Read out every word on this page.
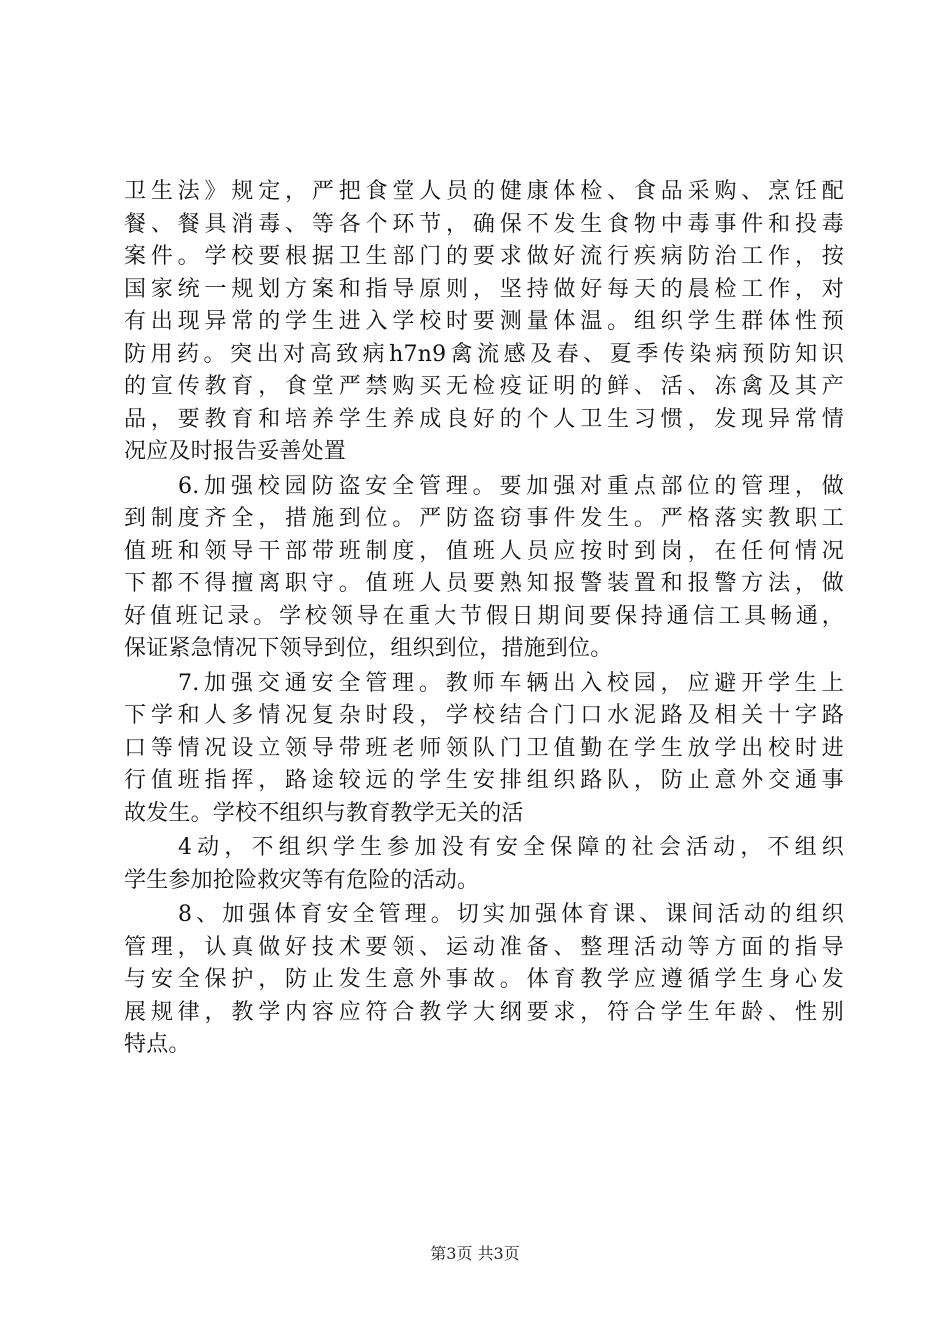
卫生法》规定，严把食堂人员的健康体检、食品采购、烹饪配
餐、餐具消毒、等各个环节，确保不发生食物中毒事件和投毒
案件。学校要根据卫生部门的要求做好流行疾病防治工作，按
国家统一规划方案和指导原则，坚持做好每天的晨检工作，对
有出现异常的学生进入学校时要测量体温。组织学生群体性预
防用药。突出对高致病h7n9禽流感及春、夏季传染病预防知识
的宣传教育，食堂严禁购买无检疫证明的鲜、活、冻禽及其产
品，要教育和培养学生养成良好的个人卫生习惯，发现异常情
况应及时报告妥善处置
6.加强校园防盗安全管理。要加强对重点部位的管理，做
到制度齐全，措施到位。严防盗窃事件发生。严格落实教职工
值班和领导干部带班制度，值班人员应按时到岗，在任何情况
下都不得擅离职守。值班人员要熟知报警装置和报警方法，做
好值班记录。学校领导在重大节假日期间要保持通信工具畅通，
保证紧急情况下领导到位，组织到位，措施到位。
7.加强交通安全管理。教师车辆出入校园，应避开学生上
下学和人多情况复杂时段，学校结合门口水泥路及相关十字路
口等情况设立领导带班老师领队门卫值勤在学生放学出校时进
行值班指挥，路途较远的学生安排组织路队，防止意外交通事
故发生。学校不组织与教育教学无关的活
4动，不组织学生参加没有安全保障的社会活动，不组织
学生参加抢险救灾等有危险的活动。
8、加强体育安全管理。切实加强体育课、课间活动的组织
管理，认真做好技术要领、运动准备、整理活动等方面的指导
与安全保护，防止发生意外事故。体育教学应遵循学生身心发
展规律，教学内容应符合教学大纲要求，符合学生年龄、性别
特点。
第3页 共3页
